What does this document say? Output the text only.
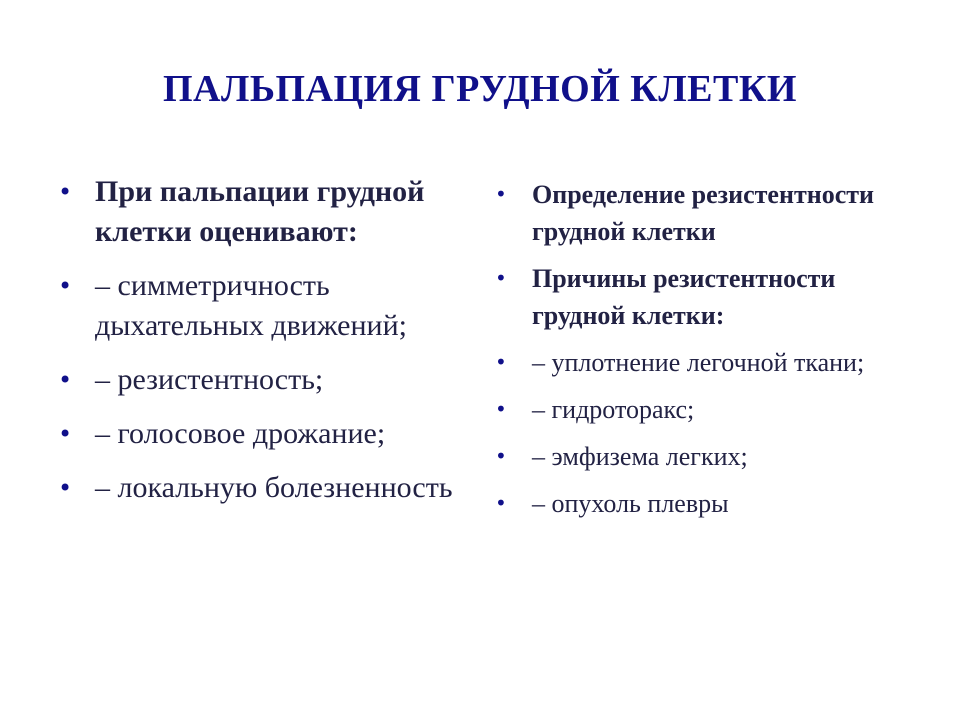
ПАЛЬПАЦИЯ ГРУДНОЙ КЛЕТКИ
• При пальпации грудной клетки оценивают:
• – симметричность дыхательных движений;
• – резистентность;
• – голосовое дрожание;
• – локальную болезненность
• Определение резистентности грудной клетки
• Причины резистентности грудной клетки:
• – уплотнение легочной ткани;
• – гидроторакс;
• – эмфизема легких;
• – опухоль плевры
